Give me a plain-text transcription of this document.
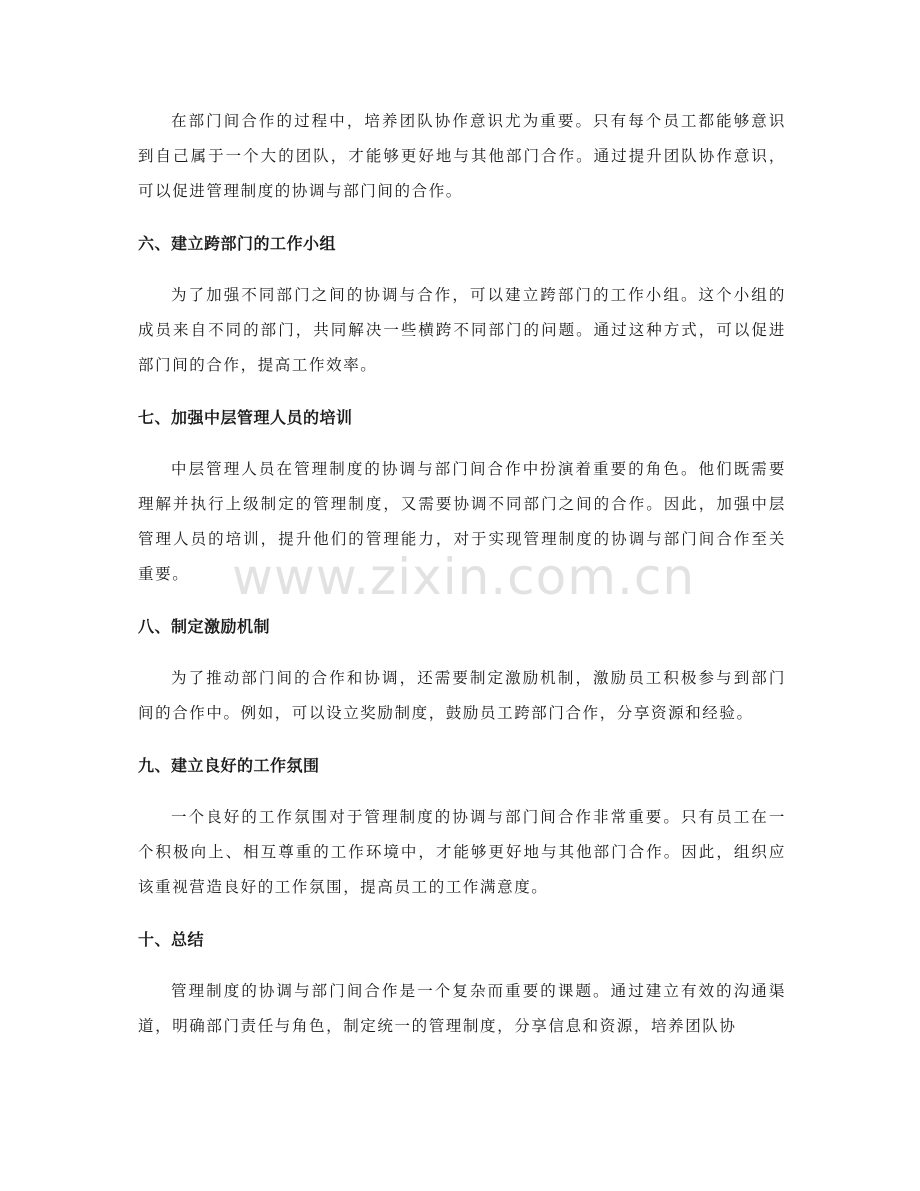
在部门间合作的过程中，培养团队协作意识尤为重要。只有每个员工都能够意识到自己属于一个大的团队，才能够更好地与其他部门合作。通过提升团队协作意识，可以促进管理制度的协调与部门间的合作。

六、建立跨部门的工作小组

为了加强不同部门之间的协调与合作，可以建立跨部门的工作小组。这个小组的成员来自不同的部门，共同解决一些横跨不同部门的问题。通过这种方式，可以促进部门间的合作，提高工作效率。

七、加强中层管理人员的培训

中层管理人员在管理制度的协调与部门间合作中扮演着重要的角色。他们既需要理解并执行上级制定的管理制度，又需要协调不同部门之间的合作。因此，加强中层管理人员的培训，提升他们的管理能力，对于实现管理制度的协调与部门间合作至关重要。

八、制定激励机制

为了推动部门间的合作和协调，还需要制定激励机制，激励员工积极参与到部门间的合作中。例如，可以设立奖励制度，鼓励员工跨部门合作，分享资源和经验。

九、建立良好的工作氛围

一个良好的工作氛围对于管理制度的协调与部门间合作非常重要。只有员工在一个积极向上、相互尊重的工作环境中，才能够更好地与其他部门合作。因此，组织应该重视营造良好的工作氛围，提高员工的工作满意度。

十、总结

管理制度的协调与部门间合作是一个复杂而重要的课题。通过建立有效的沟通渠道，明确部门责任与角色，制定统一的管理制度，分享信息和资源，培养团队协

www.zixin.com.cn
